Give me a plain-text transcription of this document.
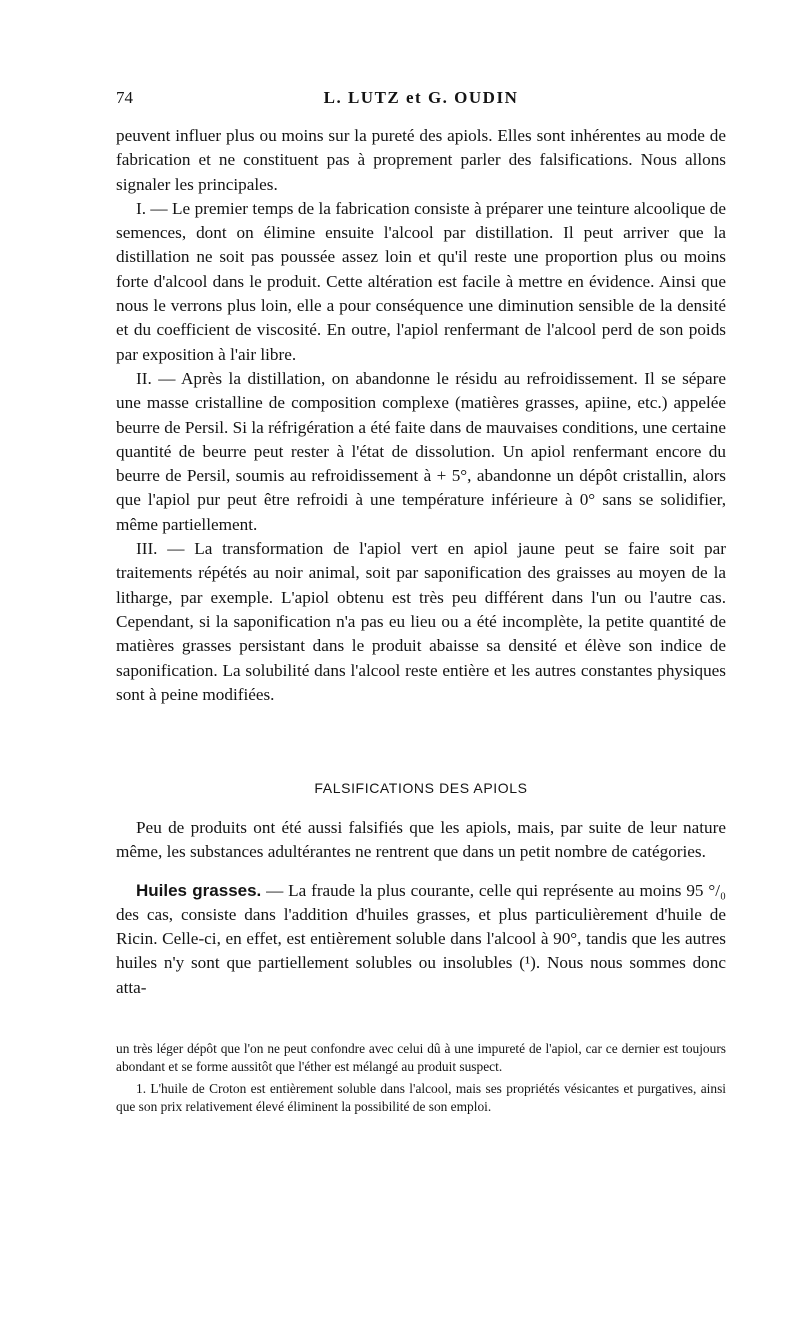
74	L. LUTZ et G. OUDIN

peuvent influer plus ou moins sur la pureté des apiols. Elles sont inhérentes au mode de fabrication et ne constituent pas à proprement parler des falsifications. Nous allons signaler les principales.

I. — Le premier temps de la fabrication consiste à préparer une teinture alcoolique de semences, dont on élimine ensuite l'alcool par distillation. Il peut arriver que la distillation ne soit pas poussée assez loin et qu'il reste une proportion plus ou moins forte d'alcool dans le produit. Cette altération est facile à mettre en évidence. Ainsi que nous le verrons plus loin, elle a pour conséquence une diminution sensible de la densité et du coefficient de viscosité. En outre, l'apiol renfermant de l'alcool perd de son poids par exposition à l'air libre.

II. — Après la distillation, on abandonne le résidu au refroidissement. Il se sépare une masse cristalline de composition complexe (matières grasses, apiine, etc.) appelée beurre de Persil. Si la réfrigération a été faite dans de mauvaises conditions, une certaine quantité de beurre peut rester à l'état de dissolution. Un apiol renfermant encore du beurre de Persil, soumis au refroidissement à + 5°, abandonne un dépôt cristallin, alors que l'apiol pur peut être refroidi à une température inférieure à 0° sans se solidifier, même partiellement.

III. — La transformation de l'apiol vert en apiol jaune peut se faire soit par traitements répétés au noir animal, soit par saponification des graisses au moyen de la litharge, par exemple. L'apiol obtenu est très peu différent dans l'un ou l'autre cas. Cependant, si la saponification n'a pas eu lieu ou a été incomplète, la petite quantité de matières grasses persistant dans le produit abaisse sa densité et élève son indice de saponification. La solubilité dans l'alcool reste entière et les autres constantes physiques sont à peine modifiées.

FALSIFICATIONS DES APIOLS

Peu de produits ont été aussi falsifiés que les apiols, mais, par suite de leur nature même, les substances adultérantes ne rentrent que dans un petit nombre de catégories.

Huiles grasses. — La fraude la plus courante, celle qui représente au moins 95 °/₀ des cas, consiste dans l'addition d'huiles grasses, et plus particulièrement d'huile de Ricin. Celle-ci, en effet, est entièrement soluble dans l'alcool à 90°, tandis que les autres huiles n'y sont que partiellement solubles ou insolubles (¹). Nous nous sommes donc atta-

un très léger dépôt que l'on ne peut confondre avec celui dû à une impureté de l'apiol, car ce dernier est toujours abondant et se forme aussitôt que l'éther est mélangé au produit suspect.

1. L'huile de Croton est entièrement soluble dans l'alcool, mais ses propriétés vésicantes et purgatives, ainsi que son prix relativement élevé éliminent la possibilité de son emploi.
